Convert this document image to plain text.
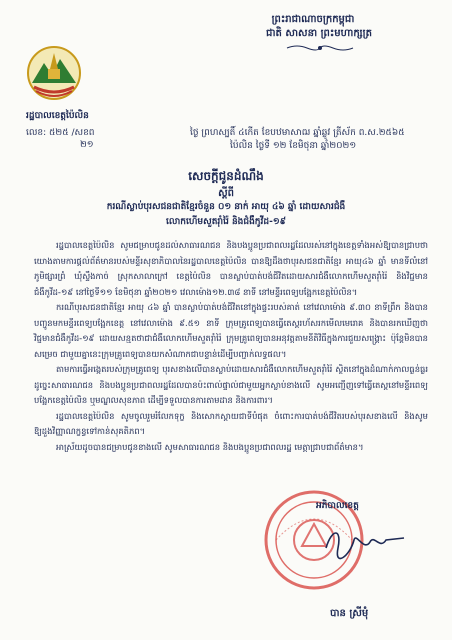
ព្រះរាជាណាចក្រកម្ពុជា
ជាតិ សាសនា ព្រះមហាក្សត្រ
រដ្ឋបាលខេត្តប៉ៃលិន
លេខ: ៥២៥ /សខព
២១
ថ្ងៃ ព្រហស្បតិ៍ ៤កើត ខែបឋមាសាឍ ឆ្នាំឆ្លូវ ត្រីស័ក ព.ស.២៥៦៥
ប៉ៃលិន ថ្ងៃទី ១២ ខែមិថុនា ឆ្នាំ២០២១
សេចក្តីជូនដំណឹង
ស្តីពី
ករណីស្លាប់បុរសជនជាតិខ្មែរចំនួន ០១ នាក់ អាយុ ៤៦ ឆ្នាំ ដោយសារជំងឺ
លោកហើមសួតរ៉ាំរ៉ៃ និងជំងឺកូវីដ-១៩

រដ្ឋបាលខេត្តប៉ៃលិន សូមជម្រាបជូនដល់សាធារណជន និងបងប្អូនប្រជាពលរដ្ឋដែលរស់នៅក្នុងខេត្តទាំងអស់ឱ្យបានជ្រាបថា យោងតាមការផ្តល់ព័ត៌មានរបស់មន្ទីរសុខាភិបាលនៃរដ្ឋបាលខេត្តប៉ៃលិន បានឱ្យដឹងថាបុរសជនជាតិខ្មែរ អាយុ៤៦ ឆ្នាំ មានទីលំនៅភូមិផ្សារព្រំ ឃុំស្ទឹងកាច់ ស្រុកសាលាក្រៅ ខេត្តប៉ៃលិន បានស្លាប់បាត់បង់ជីវិតដោយសារជំងឺលោកហើមសួតរ៉ាំរ៉ៃ និងវិជ្ជមានជំងឺកូវីដ-១៩ នៅថ្ងៃទី១១ ខែមិថុនា ឆ្នាំ២០២១ វេលាម៉ោង១២.៣៨ នាទី នៅមន្ទីរពេទ្យបង្អែកខេត្តប៉ៃលិន។

ករណីបុរសជនជាតិខ្មែរ អាយុ ៤៦ ឆ្នាំ បានស្លាប់បាត់បង់ជីវិតនៅក្នុងផ្ទះរបស់គាត់ នៅវេលាម៉ោង ៩.៣០ នាទីព្រឹក និងបានបញ្ជូនមកមន្ទីរពេទ្យបង្អែកខេត្ត នៅវេលាម៉ោង ៩.៥១ នាទី ក្រុមគ្រូពេទ្យបានធ្វើតេស្តរហ័សរកមើលមេរោគ និងបានរកឃើញថា វិជ្ជមានជំងឺកូវីដ-១៩ ដោយសន្មតថាជាជំងឺលោកហើមសួតរ៉ាំរ៉ៃ ក្រុមគ្រូពេទ្យបានអនុវត្តតាមនីតិវិធីក្នុងការជួយសង្គ្រោះ ប៉ុន្តែមិនបានសម្រេច ជាមួយគ្នានេះក្រុមគ្រូពេទ្យបានយកសំណាកជាបន្ទាន់ដើម្បីបញ្ជាក់លទ្ធផល។

តាមការធ្វើអង្កេតរបស់ក្រុមគ្រូពេទ្យ បុរសខាងលើបានស្លាប់ដោយសារជំងឺលោកហើមសួតរ៉ាំរ៉ៃ ស្ថិតនៅក្នុងដំណាក់កាលធ្ងន់ធ្ងរ ដូច្នេះសាធារណជន និងបងប្អូនប្រជាពលរដ្ឋដែលបានប៉ះពាល់ផ្ទាល់ជាមួយអ្នកស្លាប់ខាងលើ សូមអញ្ជើញទៅធ្វើតេស្តនៅមន្ទីរពេទ្យបង្អែកខេត្តប៉ៃលិន ឬមណ្ឌលសុខភាព ដើម្បីទទួលបានការតាមដាន និងការពារ។

រដ្ឋបាលខេត្តប៉ៃលិន សូមចូលរួមរំលែកទុក្ខ និងសោកស្តាយជាទីបំផុត ចំពោះការបាត់បង់ជីវិតរបស់បុរសខាងលើ និងសូមឱ្យដួងវិញ្ញាណក្ខន្ធទៅកាន់សុគតិភព។

អាស្រ័យដូចបានជម្រាបជូនខាងលើ សូមសាធារណជន និងបងប្អូនប្រជាពលរដ្ឋ មេត្តាជ្រាបជាព័ត៌មាន។

អភិបាលខេត្ត
បាន ស្រីមុំ
